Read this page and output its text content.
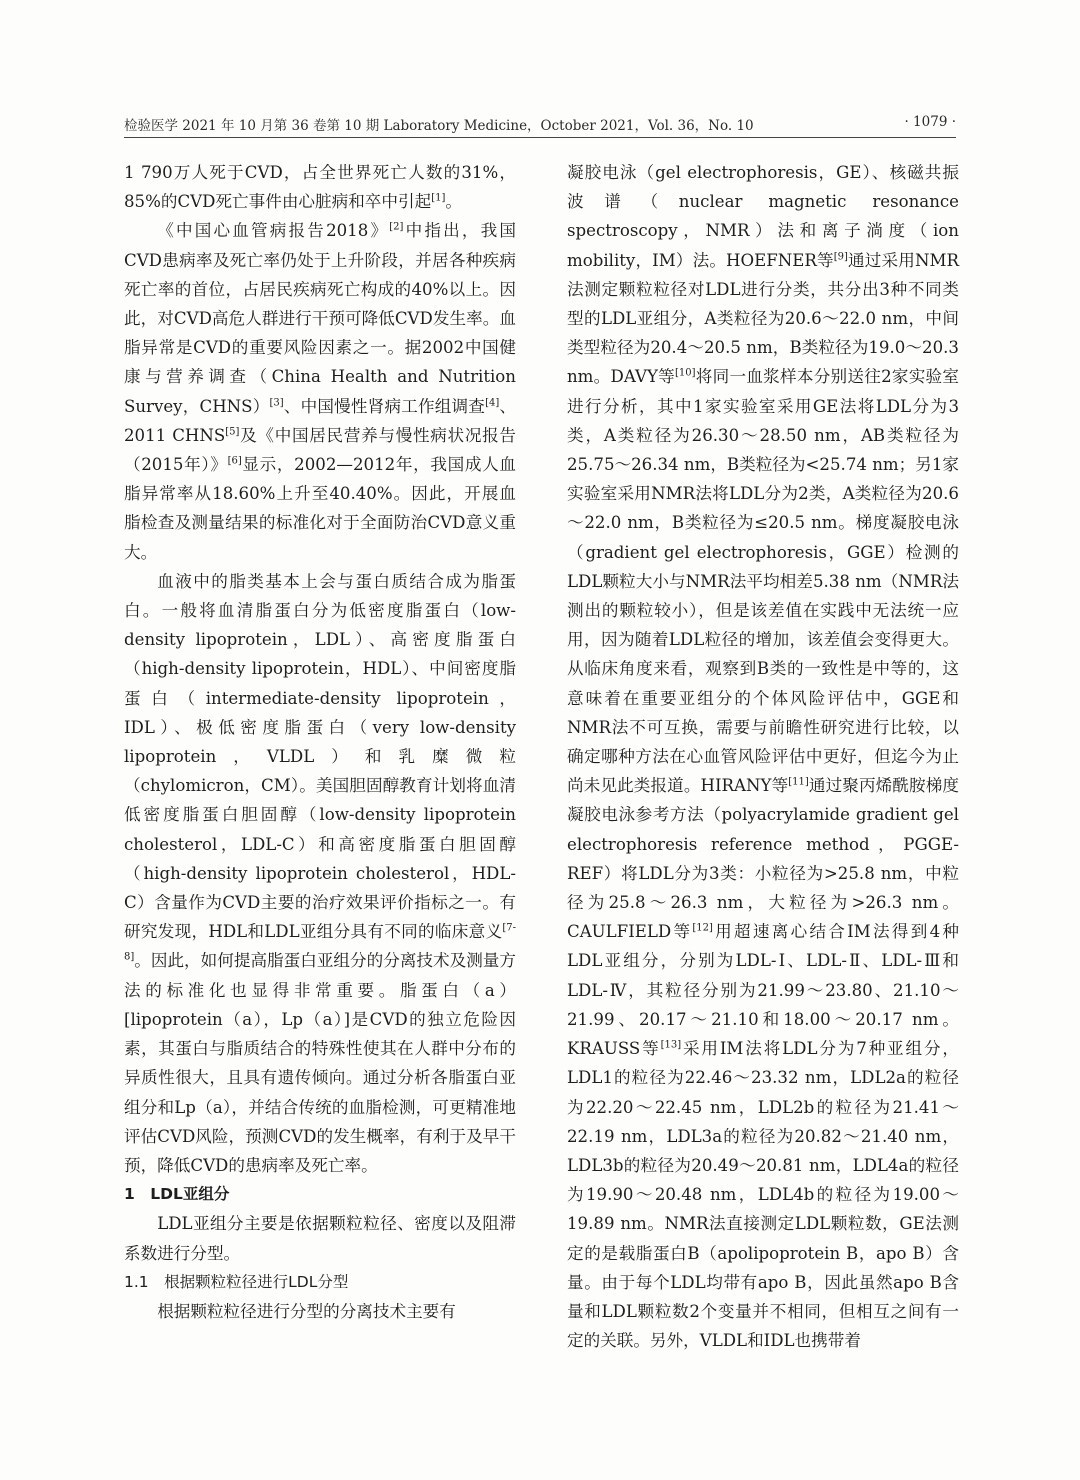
检验医学 2021 年 10 月第 36 卷第 10 期 Laboratory Medicine，October 2021，Vol. 36，No. 10	· 1079 ·

1 790万人死于CVD，占全世界死亡人数的31%，85%的CVD死亡事件由心脏病和卒中引起[1]。

《中国心血管病报告2018》[2]中指出，我国CVD患病率及死亡率仍处于上升阶段，并居各种疾病死亡率的首位，占居民疾病死亡构成的40%以上。因此，对CVD高危人群进行干预可降低CVD发生率。血脂异常是CVD的重要风险因素之一。据2002中国健康与营养调查（China Health and Nutrition Survey，CHNS）[3]、中国慢性肾病工作组调查[4]、2011 CHNS[5]及《中国居民营养与慢性病状况报告（2015年）》[6]显示，2002—2012年，我国成人血脂异常率从18.60%上升至40.40%。因此，开展血脂检查及测量结果的标准化对于全面防治CVD意义重大。

血液中的脂类基本上会与蛋白质结合成为脂蛋白。一般将血清脂蛋白分为低密度脂蛋白（low-density lipoprotein，LDL）、高密度脂蛋白（high-density lipoprotein，HDL）、中间密度脂蛋白（intermediate-density lipoprotein，IDL）、极低密度脂蛋白（very low-density lipoprotein，VLDL）和乳糜微粒（chylomicron，CM）。美国胆固醇教育计划将血清低密度脂蛋白胆固醇（low-density lipoprotein cholesterol，LDL-C）和高密度脂蛋白胆固醇（high-density lipoprotein cholesterol，HDL-C）含量作为CVD主要的治疗效果评价指标之一。有研究发现，HDL和LDL亚组分具有不同的临床意义[7-8]。因此，如何提高脂蛋白亚组分的分离技术及测量方法的标准化也显得非常重要。脂蛋白（a）[lipoprotein（a），Lp（a）]是CVD的独立危险因素，其蛋白与脂质结合的特殊性使其在人群中分布的异质性很大，且具有遗传倾向。通过分析各脂蛋白亚组分和Lp（a），并结合传统的血脂检测，可更精准地评估CVD风险，预测CVD的发生概率，有利于及早干预，降低CVD的患病率及死亡率。

1　LDL亚组分

LDL亚组分主要是依据颗粒粒径、密度以及阻滞系数进行分型。

1.1　根据颗粒粒径进行LDL分型

根据颗粒粒径进行分型的分离技术主要有

凝胶电泳（gel electrophoresis，GE）、核磁共振波谱（nuclear magnetic resonance spectroscopy，NMR）法和离子淌度（ion mobility，IM）法。HOEFNER等[9]通过采用NMR法测定颗粒粒径对LDL进行分类，共分出3种不同类型的LDL亚组分，A类粒径为20.6～22.0 nm，中间类型粒径为20.4～20.5 nm，B类粒径为19.0～20.3 nm。DAVY等[10]将同一血浆样本分别送往2家实验室进行分析，其中1家实验室采用GE法将LDL分为3类，A类粒径为26.30～28.50 nm，AB类粒径为25.75～26.34 nm，B类粒径为<25.74 nm；另1家实验室采用NMR法将LDL分为2类，A类粒径为20.6～22.0 nm，B类粒径为≤20.5 nm。梯度凝胶电泳（gradient gel electrophoresis，GGE）检测的LDL颗粒大小与NMR法平均相差5.38 nm（NMR法测出的颗粒较小），但是该差值在实践中无法统一应用，因为随着LDL粒径的增加，该差值会变得更大。从临床角度来看，观察到B类的一致性是中等的，这意味着在重要亚组分的个体风险评估中，GGE和NMR法不可互换，需要与前瞻性研究进行比较，以确定哪种方法在心血管风险评估中更好，但迄今为止尚未见此类报道。HIRANY等[11]通过聚丙烯酰胺梯度凝胶电泳参考方法（polyacrylamide gradient gel electrophoresis reference method，PGGE-REF）将LDL分为3类：小粒径为>25.8 nm，中粒径为25.8～26.3 nm，大粒径为>26.3 nm。CAULFIELD等[12]用超速离心结合IM法得到4种LDL亚组分，分别为LDL-Ⅰ、LDL-Ⅱ、LDL-Ⅲ和LDL-Ⅳ，其粒径分别为21.99～23.80、21.10～21.99、20.17～21.10和18.00～20.17 nm。KRAUSS等[13]采用IM法将LDL分为7种亚组分，LDL1的粒径为22.46～23.32 nm，LDL2a的粒径为22.20～22.45 nm，LDL2b的粒径为21.41～22.19 nm，LDL3a的粒径为20.82～21.40 nm，LDL3b的粒径为20.49～20.81 nm，LDL4a的粒径为19.90～20.48 nm，LDL4b的粒径为19.00～19.89 nm。NMR法直接测定LDL颗粒数，GE法测定的是载脂蛋白B（apolipoprotein B，apo B）含量。由于每个LDL均带有apo B，因此虽然apo B含量和LDL颗粒数2个变量并不相同，但相互之间有一定的关联。另外，VLDL和IDL也携带着
